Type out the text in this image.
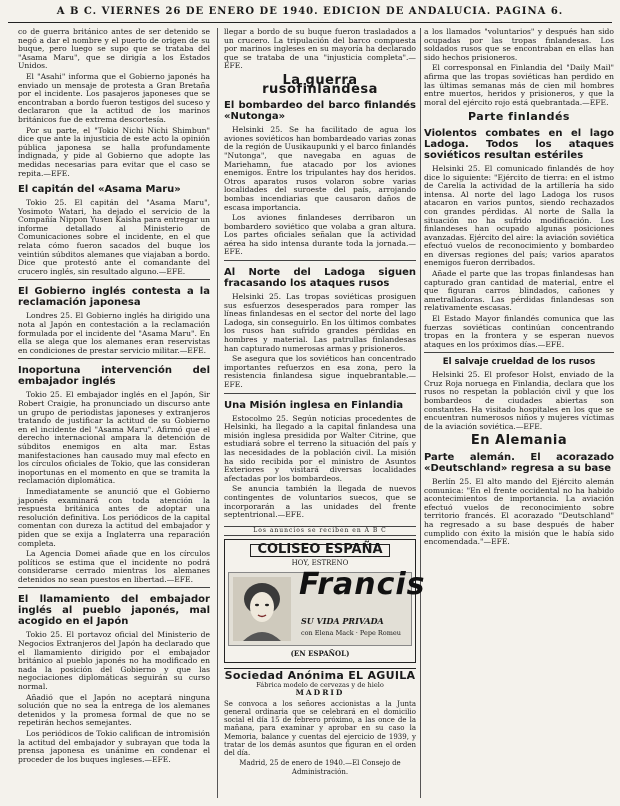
A B C. VIERNES 26 DE ENERO DE 1940. EDICION DE ANDALUCIA. PAGINA 6.

co de guerra británico antes de ser detenido se negó a dar el nombre y el puerto de origen de su buque, pero luego se supo que se trataba del "Asama Maru", que se dirigía a los Estados Unidos.

El "Asahi" informa que el Gobierno japonés ha enviado un mensaje de protesta a Gran Bretaña por el incidente. Los pasajeros japoneses que se encontraban a bordo fueron testigos del suceso y declararon que la actitud de los marinos británicos fue de extrema descortesía.

Por su parte, el "Tokio Nichi Nichi Shimbun" dice que ante la injusticia de este acto la opinión pública japonesa se halla profundamente indignada, y pide al Gobierno que adopte las medidas necesarias para evitar que el caso se repita.—EFE.

El capitán del «Asama Maru»

Tokio 25. El capitán del "Asama Maru", Yosimoto Watari, ha dejado el servicio de la Compañía Nippon Yusen Kaisha para entregar un informe detallado al Ministerio de Comunicaciones sobre el incidente, en el que relata cómo fueron sacados del buque los veintiún súbditos alemanes que viajaban a bordo. Dice que protestó ante el comandante del crucero inglés, sin resultado alguno.—EFE.

El Gobierno inglés contesta a la reclamación japonesa

Londres 25. El Gobierno inglés ha dirigido una nota al Japón en contestación a la reclamación formulada por el incidente del "Asama Maru". En ella se alega que los alemanes eran reservistas en condiciones de prestar servicio militar.—EFE.

Inoportuna intervención del embajador inglés

Tokio 25. El embajador inglés en el Japón, Sir Robert Craigie, ha pronunciado un discurso ante un grupo de periodistas japoneses y extranjeros tratando de justificar la actitud de su Gobierno en el incidente del "Asama Maru". Afirmó que el derecho internacional ampara la detención de súbditos enemigos en alta mar. Estas manifestaciones han causado muy mal efecto en los círculos oficiales de Tokio, que las consideran inoportunas en el momento en que se tramita la reclamación diplomática.

Inmediatamente se anunció que el Gobierno japonés examinará con toda atención la respuesta británica antes de adoptar una resolución definitiva. Los periódicos de la capital comentan con dureza la actitud del embajador y piden que se exija a Inglaterra una reparación completa.

La Agencia Domei añade que en los círculos políticos se estima que el incidente no podrá considerarse cerrado mientras los alemanes detenidos no sean puestos en libertad.—EFE.

El llamamiento del embajador inglés al pueblo japonés, mal acogido en el Japón

Tokio 25. El portavoz oficial del Ministerio de Negocios Extranjeros del Japón ha declarado que el llamamiento dirigido por el embajador británico al pueblo japonés no ha modificado en nada la posición del Gobierno y que las negociaciones diplomáticas seguirán su curso normal.

Añadió que el Japón no aceptará ninguna solución que no sea la entrega de los alemanes detenidos y la promesa formal de que no se repetirán hechos semejantes.

Los periódicos de Tokio califican de intromisión la actitud del embajador y subrayan que toda la prensa japonesa es unánime en condenar el proceder de los buques ingleses.—EFE.

llegar a bordo de su buque fueron trasladados a un crucero. La tripulación del barco compuesta por marinos ingleses en su mayoría ha declarado que se trataba de una "injusticia completa".—EFE.

La guerra rusofinlandesa
El bombardeo del barco finlandés «Nutonga»

Helsinki 25. Se ha facilitado de agua los aviones soviéticos han bombardeado varias zonas de la región de Uusikaupunki y el barco finlandés "Nutonga", que navegaba en aguas de Mariehamn, fue atacado por los aviones enemigos. Entre los tripulantes hay dos heridos. Otros aparatos rusos volaron sobre varias localidades del suroeste del país, arrojando bombas incendiarias que causaron daños de escasa importancia.

Los aviones finlandeses derribaron un bombardero soviético que volaba a gran altura. Los partes oficiales señalan que la actividad aérea ha sido intensa durante toda la jornada.—EFE.

Al Norte del Ladoga siguen fracasando los ataques rusos

Helsinki 25. Las tropas soviéticas prosiguen sus esfuerzos desesperados para romper las líneas finlandesas en el sector del norte del lago Ladoga, sin conseguirlo. En los últimos combates los rusos han sufrido grandes pérdidas en hombres y material. Las patrullas finlandesas han capturado numerosas armas y prisioneros.

Se asegura que los soviéticos han concentrado importantes refuerzos en esa zona, pero la resistencia finlandesa sigue inquebrantable.—EFE.

Una Misión inglesa en Finlandia

Estocolmo 25. Según noticias procedentes de Helsinki, ha llegado a la capital finlandesa una misión inglesa presidida por Walter Citrine, que estudiará sobre el terreno la situación del país y las necesidades de la población civil. La misión ha sido recibida por el ministro de Asuntos Exteriores y visitará diversas localidades afectadas por los bombardeos.

Se anuncia también la llegada de nuevos contingentes de voluntarios suecos, que se incorporarán a las unidades del frente septentrional.—EFE.

Los anuncios se reciben en A B C
COLISEO ESPAÑA
HOY, ESTRENO
Francis
SU VIDA PRIVADA
con Elena Mack · Pepe Romeu
(EN ESPAÑOL)
Sociedad Anónima EL AGUILA
Fábrica modelo de cervezas y de hielo
MADRID
Se convoca a los señores accionistas a la Junta general ordinaria que se celebrará en el domicilio social el día 15 de febrero próximo, a las once de la mañana, para examinar y aprobar en su caso la Memoria, balance y cuentas del ejercicio de 1939, y tratar de los demás asuntos que figuran en el orden del día.
Madrid, 25 de enero de 1940.—El Consejo de Administración.

a los llamados "voluntarios" y después han sido ocupadas por las tropas finlandesas. Los soldados rusos que se encontraban en ellas han sido hechos prisioneros.

El corresponsal en Finlandia del "Daily Mail" afirma que las tropas soviéticas han perdido en las últimas semanas más de cien mil hombres entre muertos, heridos y prisioneros, y que la moral del ejército rojo está quebrantada.—EFE.

Parte finlandés
Violentos combates en el lago Ladoga. Todos los ataques soviéticos resultan estériles

Helsinki 25. El comunicado finlandés de hoy dice lo siguiente: "Ejército de tierra: en el istmo de Carelia la actividad de la artillería ha sido intensa. Al norte del lago Ladoga los rusos atacaron en varios puntos, siendo rechazados con grandes pérdidas. Al norte de Salla la situación no ha sufrido modificación. Los finlandeses han ocupado algunas posiciones avanzadas. Ejército del aire: la aviación soviética efectuó vuelos de reconocimiento y bombardeo en diversas regiones del país; varios aparatos enemigos fueron derribados.

Añade el parte que las tropas finlandesas han capturado gran cantidad de material, entre el que figuran carros blindados, cañones y ametralladoras. Las pérdidas finlandesas son relativamente escasas.

El Estado Mayor finlandés comunica que las fuerzas soviéticas continúan concentrando tropas en la frontera y se esperan nuevos ataques en los próximos días.—EFE.

El salvaje crueldad de los rusos

Helsinki 25. El profesor Holst, enviado de la Cruz Roja noruega en Finlandia, declara que los rusos no respetan la población civil y que los bombardeos de ciudades abiertas son constantes. Ha visitado hospitales en los que se encuentran numerosos niños y mujeres víctimas de la aviación soviética.—EFE.

En Alemania
Parte alemán. El acorazado «Deutschland» regresa a su base

Berlín 25. El alto mando del Ejército alemán comunica: "En el frente occidental no ha habido acontecimientos de importancia. La aviación efectuó vuelos de reconocimiento sobre territorio francés. El acorazado "Deutschland" ha regresado a su base después de haber cumplido con éxito la misión que le había sido encomendada."—EFE.
